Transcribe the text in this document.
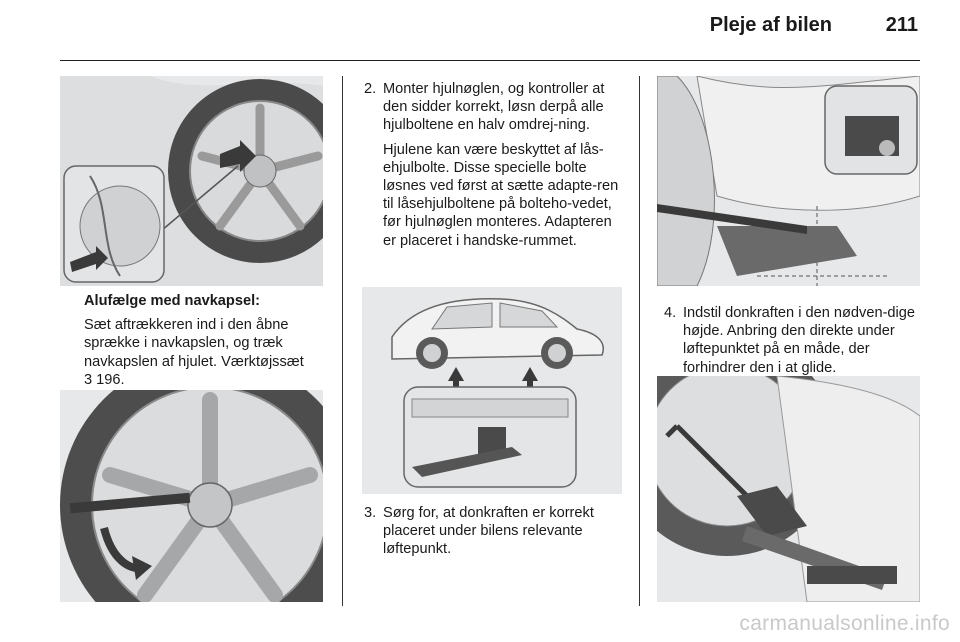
Pleje af bilen	211
Alufælge med navkapsel:
Sæt aftrækkeren ind i den åbne sprække i navkapslen, og træk navkapslen af hjulet. Værktøjssæt
3 196.
2. Monter hjulnøglen, og kontroller at den sidder korrekt, løsn derpå alle hjulboltene en halv omdrej-ning.
Hjulene kan være beskyttet af lås-ehjulbolte. Disse specielle bolte løsnes ved først at sætte adapte-ren til låsehjulboltene på bolteho-vedet, før hjulnøglen monteres. Adapteren er placeret i handske-rummet.
3. Sørg for, at donkraften er korrekt placeret under bilens relevante løftepunkt.
4. Indstil donkraften i den nødven-dige højde. Anbring den direkte under løftepunktet på en måde, der forhindrer den i at glide.
carmanualsonline.info
